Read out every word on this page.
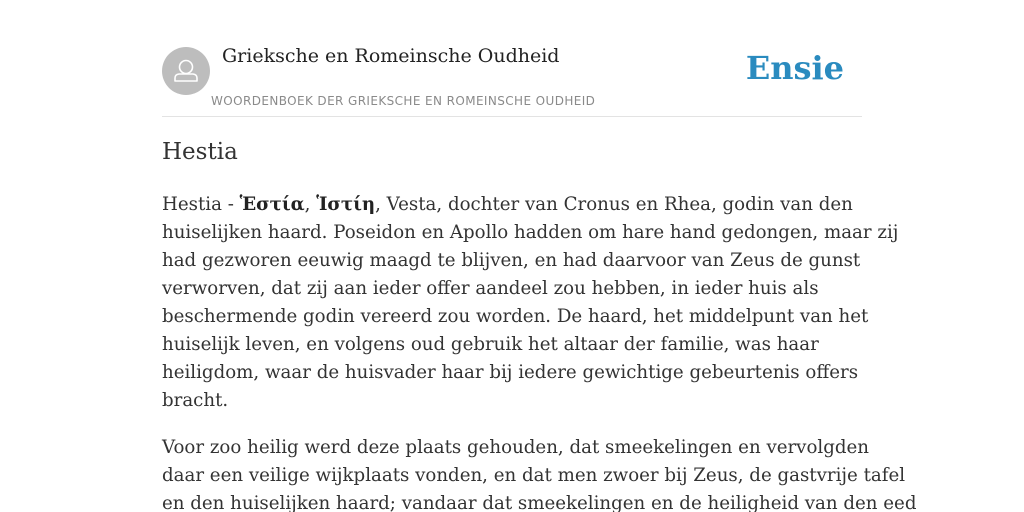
Grieksche en Romeinsche Oudheid
WOORDENBOEK DER GRIEKSCHE EN ROMEINSCHE OUDHEID
Ensie
Hestia

Hestia - Ἑστία, Ἱστίη, Vesta, dochter van Cronus en Rhea, godin van den
huiselijken haard. Poseidon en Apollo hadden om hare hand gedongen, maar zij
had gezworen eeuwig maagd te blijven, en had daarvoor van Zeus de gunst
verworven, dat zij aan ieder offer aandeel zou hebben, in ieder huis als
beschermende godin vereerd zou worden. De haard, het middelpunt van het
huiselijk leven, en volgens oud gebruik het altaar der familie, was haar
heiligdom, waar de huisvader haar bij iedere gewichtige gebeurtenis offers
bracht.

Voor zoo heilig werd deze plaats gehouden, dat smeekelingen en vervolgden
daar een veilige wijkplaats vonden, en dat men zwoer bij Zeus, de gastvrije tafel
en den huiselijken haard; vandaar dat smeekelingen en de heiligheid van den eed
